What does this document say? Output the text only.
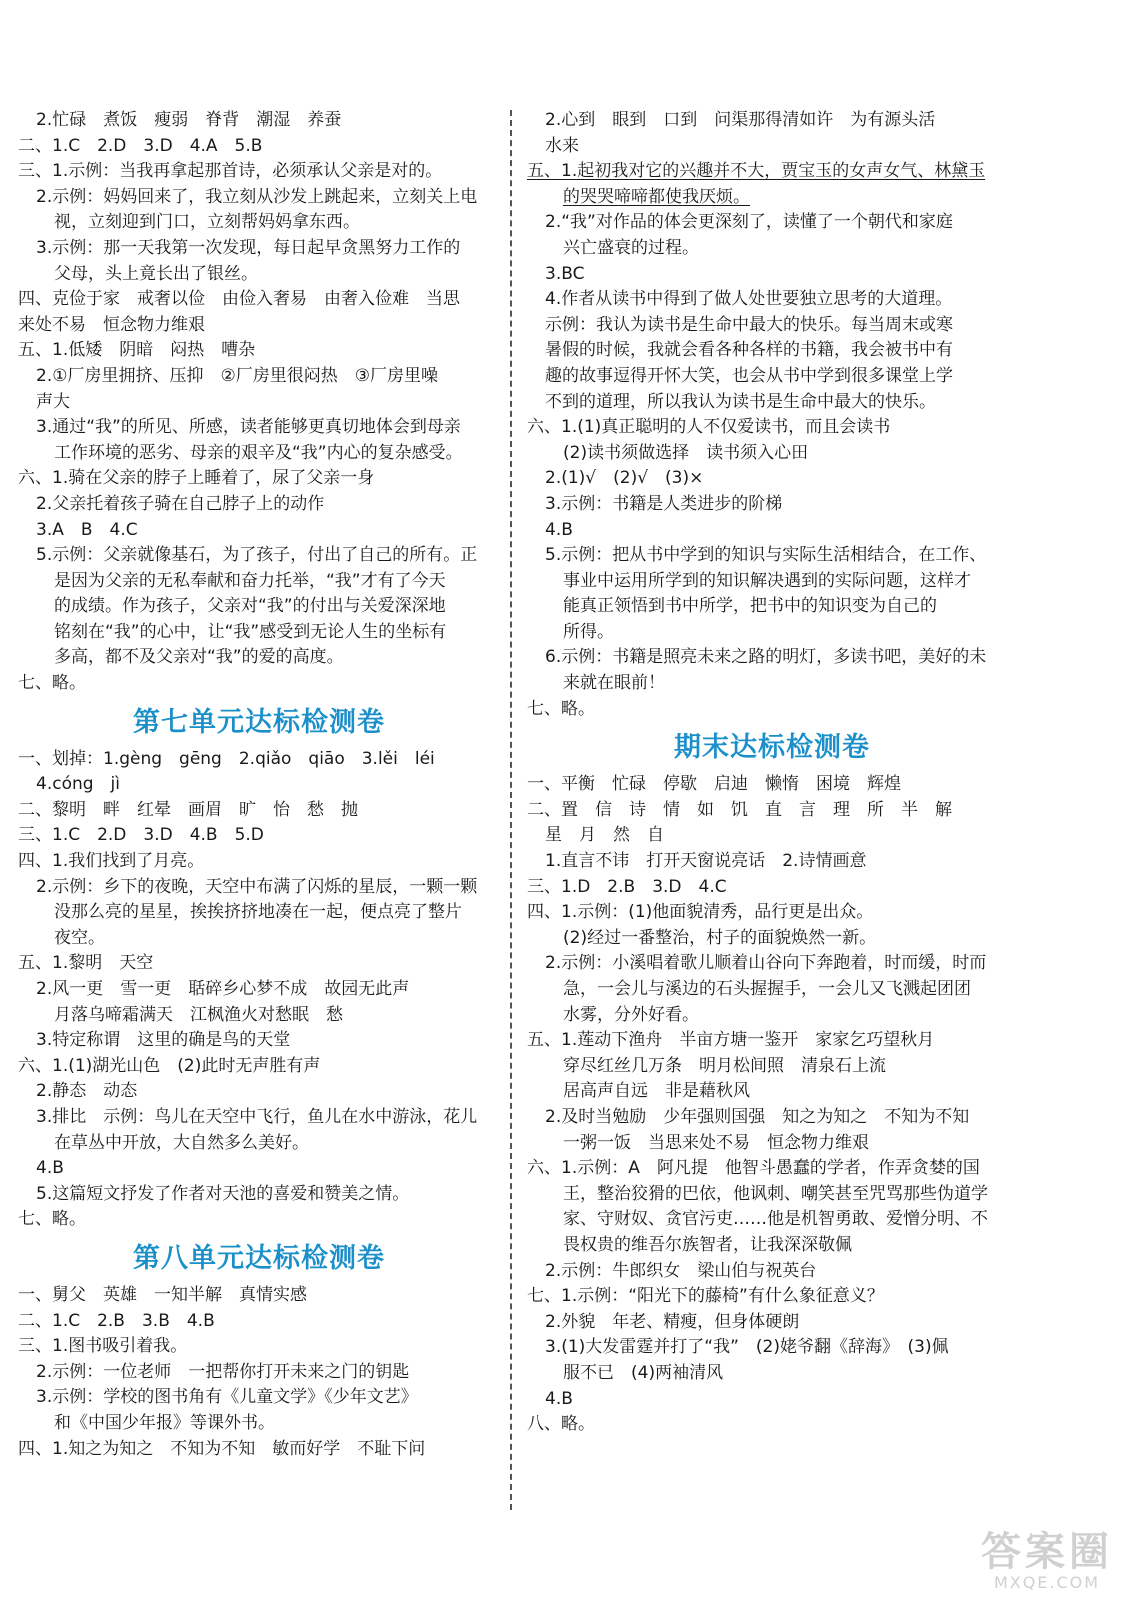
2.忙碌　煮饭　瘦弱　脊背　潮湿　养蚕
二、1.C　2.D　3.D　4.A　5.B
三、1.示例：当我再拿起那首诗，必须承认父亲是对的。
2.示例：妈妈回来了，我立刻从沙发上跳起来，立刻关上电
视，立刻迎到门口，立刻帮妈妈拿东西。
3.示例：那一天我第一次发现，每日起早贪黑努力工作的
父母，头上竟长出了银丝。
四、克俭于家　戒奢以俭　由俭入奢易　由奢入俭难　当思
来处不易　恒念物力维艰
五、1.低矮　阴暗　闷热　嘈杂
2.①厂房里拥挤、压抑　②厂房里很闷热　③厂房里噪
声大
3.通过“我”的所见、所感，读者能够更真切地体会到母亲
工作环境的恶劣、母亲的艰辛及“我”内心的复杂感受。
六、1.骑在父亲的脖子上睡着了，尿了父亲一身
2.父亲托着孩子骑在自己脖子上的动作
3.A　B　4.C
5.示例：父亲就像基石，为了孩子，付出了自己的所有。正
是因为父亲的无私奉献和奋力托举，“我”才有了今天
的成绩。作为孩子，父亲对“我”的付出与关爱深深地
铭刻在“我”的心中，让“我”感受到无论人生的坐标有
多高，都不及父亲对“我”的爱的高度。
七、略。
第七单元达标检测卷
一、划掉：1.gèng　gēng　2.qiǎo　qiāo　3.lěi　léi
4.cóng　jì
二、黎明　畔　红晕　画眉　旷　怡　愁　抛
三、1.C　2.D　3.D　4.B　5.D
四、1.我们找到了月亮。
2.示例：乡下的夜晚，天空中布满了闪烁的星辰，一颗一颗
没那么亮的星星，挨挨挤挤地凑在一起，便点亮了整片
夜空。
五、1.黎明　天空
2.风一更　雪一更　聒碎乡心梦不成　故园无此声
月落乌啼霜满天　江枫渔火对愁眠　愁
3.特定称谓　这里的确是鸟的天堂
六、1.(1)湖光山色　(2)此时无声胜有声
2.静态　动态
3.排比　示例：鸟儿在天空中飞行，鱼儿在水中游泳，花儿
在草丛中开放，大自然多么美好。
4.B
5.这篇短文抒发了作者对天池的喜爱和赞美之情。
七、略。
第八单元达标检测卷
一、舅父　英雄　一知半解　真情实感
二、1.C　2.B　3.B　4.B
三、1.图书吸引着我。
2.示例：一位老师　一把帮你打开未来之门的钥匙
3.示例：学校的图书角有《儿童文学》《少年文艺》
和《中国少年报》等课外书。
四、1.知之为知之　不知为不知　敏而好学　不耻下问
2.心到　眼到　口到　问渠那得清如许　为有源头活
水来
五、1.起初我对它的兴趣并不大，贾宝玉的女声女气、林黛玉
的哭哭啼啼都使我厌烦。
2.“我”对作品的体会更深刻了，读懂了一个朝代和家庭
兴亡盛衰的过程。
3.BC
4.作者从读书中得到了做人处世要独立思考的大道理。
示例：我认为读书是生命中最大的快乐。每当周末或寒
暑假的时候，我就会看各种各样的书籍，我会被书中有
趣的故事逗得开怀大笑，也会从书中学到很多课堂上学
不到的道理，所以我认为读书是生命中最大的快乐。
六、1.(1)真正聪明的人不仅爱读书，而且会读书
(2)读书须做选择　读书须入心田
2.(1)√　(2)√　(3)×
3.示例：书籍是人类进步的阶梯
4.B
5.示例：把从书中学到的知识与实际生活相结合，在工作、
事业中运用所学到的知识解决遇到的实际问题，这样才
能真正领悟到书中所学，把书中的知识变为自己的
所得。
6.示例：书籍是照亮未来之路的明灯，多读书吧，美好的未
来就在眼前！
七、略。
期末达标检测卷
一、平衡　忙碌　停歇　启迪　懒惰　困境　辉煌
二、置　信　诗　情　如　饥　直　言　理　所　半　解
星　月　然　自
1.直言不讳　打开天窗说亮话　2.诗情画意
三、1.D　2.B　3.D　4.C
四、1.示例：(1)他面貌清秀，品行更是出众。
(2)经过一番整治，村子的面貌焕然一新。
2.示例：小溪唱着歌儿顺着山谷向下奔跑着，时而缓，时而
急，一会儿与溪边的石头握握手，一会儿又飞溅起团团
水雾，分外好看。
五、1.莲动下渔舟　半亩方塘一鉴开　家家乞巧望秋月
穿尽红丝几万条　明月松间照　清泉石上流
居高声自远　非是藉秋风
2.及时当勉励　少年强则国强　知之为知之　不知为不知
一粥一饭　当思来处不易　恒念物力维艰
六、1.示例：A　阿凡提　他智斗愚蠢的学者，作弄贪婪的国
王，整治狡猾的巴依，他讽刺、嘲笑甚至咒骂那些伪道学
家、守财奴、贪官污吏……他是机智勇敢、爱憎分明、不
畏权贵的维吾尔族智者，让我深深敬佩
2.示例：牛郎织女　梁山伯与祝英台
七、1.示例：“阳光下的藤椅”有什么象征意义？
2.外貌　年老、精瘦，但身体硬朗
3.(1)大发雷霆并打了“我”　(2)姥爷翻《辞海》　(3)佩
服不已　(4)两袖清风
4.B
八、略。
答案圈
MXQE.COM
